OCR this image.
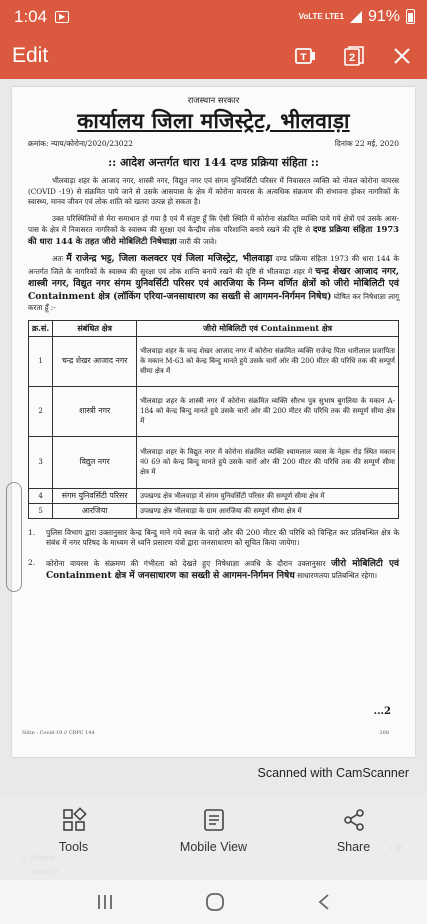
1:04	▶	VoLTE LTE1 91%
Edit	T	2
राजस्थान सरकार
कार्यालय जिला मजिस्ट्रेट, भीलवाड़ा
क्रमांक: न्याय/कोरोना/2020/23022	दिनांक 22 मई, 2020
:: आदेश अन्तर्गत धारा 144 दण्ड प्रक्रिया संहिता ::

भीलवाड़ा शहर के आजाद नगर, शास्त्री नगर, विद्युत नगर एवं संगम युनिवर्सिटी परिसर में निवासरत व्यक्ति को नोवल कोरोना वायरस (COVID -19) से संक्रमित पाये जाने से उसके आसपास के क्षेत्र में कोरोना वायरस के अत्यधिक संक्रमण की संभावना होकर नागरिकों के स्वास्थ्य, मानव जीवन एवं लोक शांति को खतरा उत्पन्न हो सकता है।

उक्त परिस्थितियों से मेरा समाधान हो गया है एवं मैं संतुष्ट हूँ कि ऐसी स्थिति में कोरोना संक्रमित व्यक्ति पाये गये क्षेत्रों एवं उसके आस-पास के क्षेत्र में निवासरत नागरिकों के स्वास्थ्य की सुरक्षा एवं केन्द्रीय लोक परिशान्ति बनाये रखने की दृष्टि से दण्ड प्रक्रिया संहिता 1973 की धारा 144 के तहत जीरो मोबिलिटी निषेधाज्ञा जारी की जावे।

अतः मैं राजेन्द्र भट्ट, जिला कलक्टर एवं जिला मजिस्ट्रेट, भीलवाड़ा दण्ड प्रक्रिया संहिता 1973 की धारा 144 के अन्तर्गत जिले के नागरिकों के स्वास्थ्य की सुरक्षा एवं लोक शान्ति बनाये रखने की दृष्टि से भीलवाड़ा शहर में चन्द्र शेखर आजाद नगर, शास्त्री नगर, विद्युत नगर संगम युनिवर्सिटी परिसर एवं आरजिया के निम्न वर्णित क्षेत्रों को जीरो मोबिलिटी एवं Containment क्षेत्र (लॉकिंग एरिया-जनसाधारण का सख्ती से आगमन-निर्गमन निषेध) घोषित कर निषेधाज्ञा लागू करता हूँ :-

क्र.सं.	संबंधित क्षेत्र	जीरो मोबिलिटी एवं Containment क्षेत्र
1	चन्द्र शेखर आजाद नगर	भीलवाड़ा शहर के चन्द्र शेखर आजाद नगर में कोरोना संक्रमित व्यक्ति राजेन्द्र पिता धारीलाल प्रजापिता के मकान M-63 को केन्द्र बिन्दु मानते हुये उसके चारों ओर की 200 मीटर की परिधि तक की सम्पूर्ण सीमा क्षेत्र में
2	शास्त्री नगर	भीलवाड़ा शहर के शास्त्री नगर में कोरोना संक्रमित व्यक्ति सौरभ पुत्र सुभाष बुगलिया के मकान A-184 को केन्द्र बिन्दु मानते हुये उसके चारों ओर की 200 मीटर की परिधि तक की सम्पूर्ण सीमा क्षेत्र में
3	विद्युत नगर	भीलवाड़ा शहर के विद्युत नगर में कोरोना संक्रमित व्यक्ति श्यामलाल व्यास के नेहरू रोड स्थित मकान नं0 69 को केन्द्र बिन्दु मानते हुये उसके चारों ओर की 200 मीटर की परिधि तक की सम्पूर्ण सीमा क्षेत्र में
4	संगम युनिवर्सिटी परिसर	उपखण्ड क्षेत्र भीलवाड़ा में संगम युनिवर्सिटी परिसर की सम्पूर्ण सीमा क्षेत्र में
5	आरजिया	उपखण्ड क्षेत्र भीलवाड़ा के ग्राम आरजिया की सम्पूर्ण सीमा क्षेत्र में
1.	पुलिस विभाग द्वारा उक्तानुसार केन्द्र बिन्दु माने गये स्थल के चारो और की 200 मीटर की परिधि को चिन्हित कर प्रतिबन्धित क्षेत्र के संबंध में नगर परिषद के माध्यम से ध्वनि प्रसारण यंत्रों द्वारा जनसाधारण को सूचित किया जायेगा।
2.	कोरोना वायरस के संक्रमण की गंभीरता को देखते हुए निषेधाज्ञा अवधि के दौरान उक्तानुसार जीरो मोबिलिटी एवं Containment क्षेत्र में जनसाधारण का सख्ती से आगमन-निर्गमन निषेध साधारणतया प्रतिबन्धित रहेगा।
...2
Nitin : Covid-19 // CRPC 144	208
Scanned with CamScanner
Tools	Mobile View	Share
